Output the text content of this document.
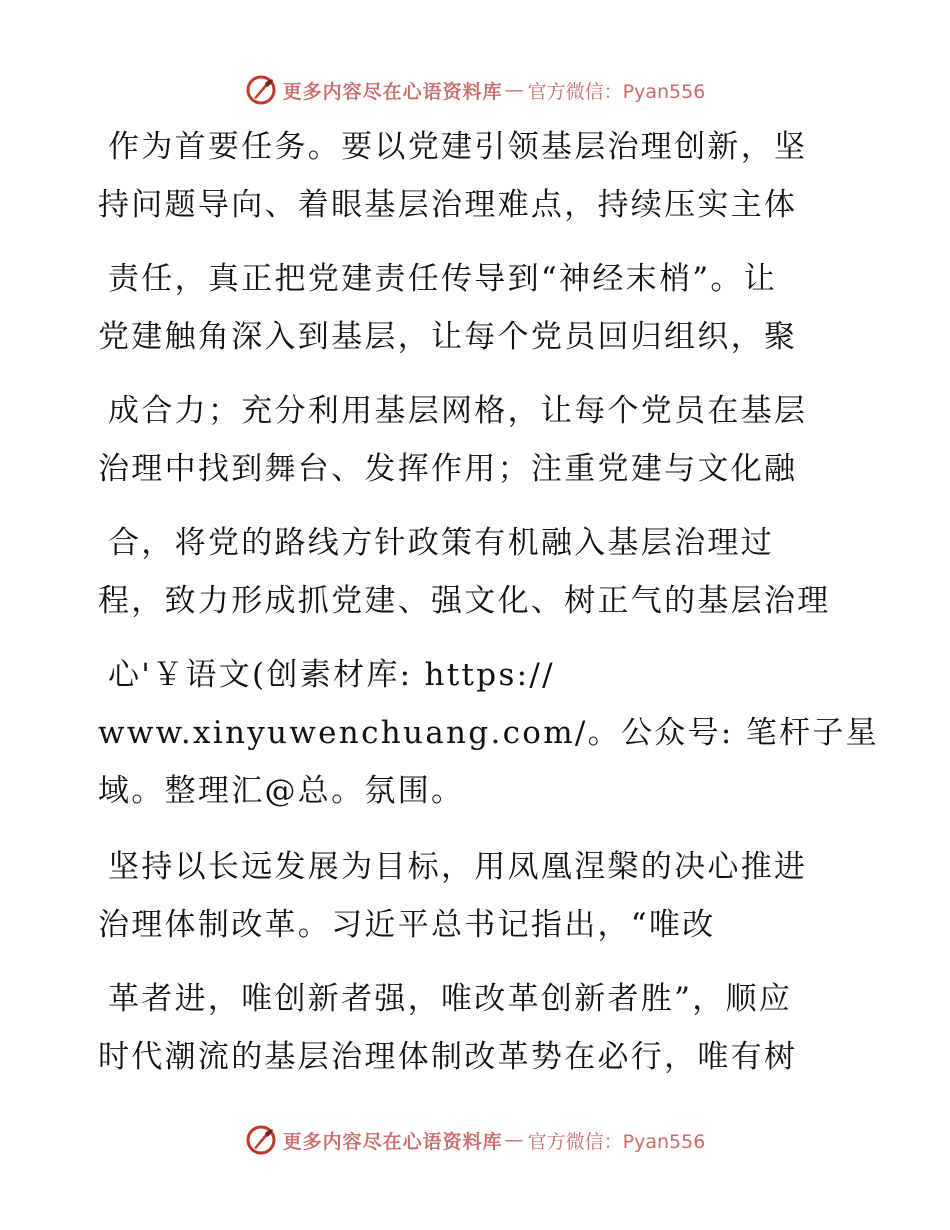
更多内容尽在心语资料库 — 官方微信：Pyan556
作为首要任务。要以党建引领基层治理创新，坚
持问题导向、着眼基层治理难点，持续压实主体
责任，真正把党建责任传导到“神经末梢”。让
党建触角深入到基层，让每个党员回归组织，聚
成合力；充分利用基层网格，让每个党员在基层
治理中找到舞台、发挥作用；注重党建与文化融
合，将党的路线方针政策有机融入基层治理过
程，致力形成抓党建、强文化、树正气的基层治理
心'￥语文(创素材库: https://
www.xinyuwenchuang.com/。公众号: 笔杆子星
域。整理汇@总。氛围。
坚持以长远发展为目标，用凤凰涅槃的决心推进
治理体制改革。习近平总书记指出，“唯改
革者进，唯创新者强，唯改革创新者胜”，顺应
时代潮流的基层治理体制改革势在必行，唯有树
更多内容尽在心语资料库 — 官方微信：Pyan556
